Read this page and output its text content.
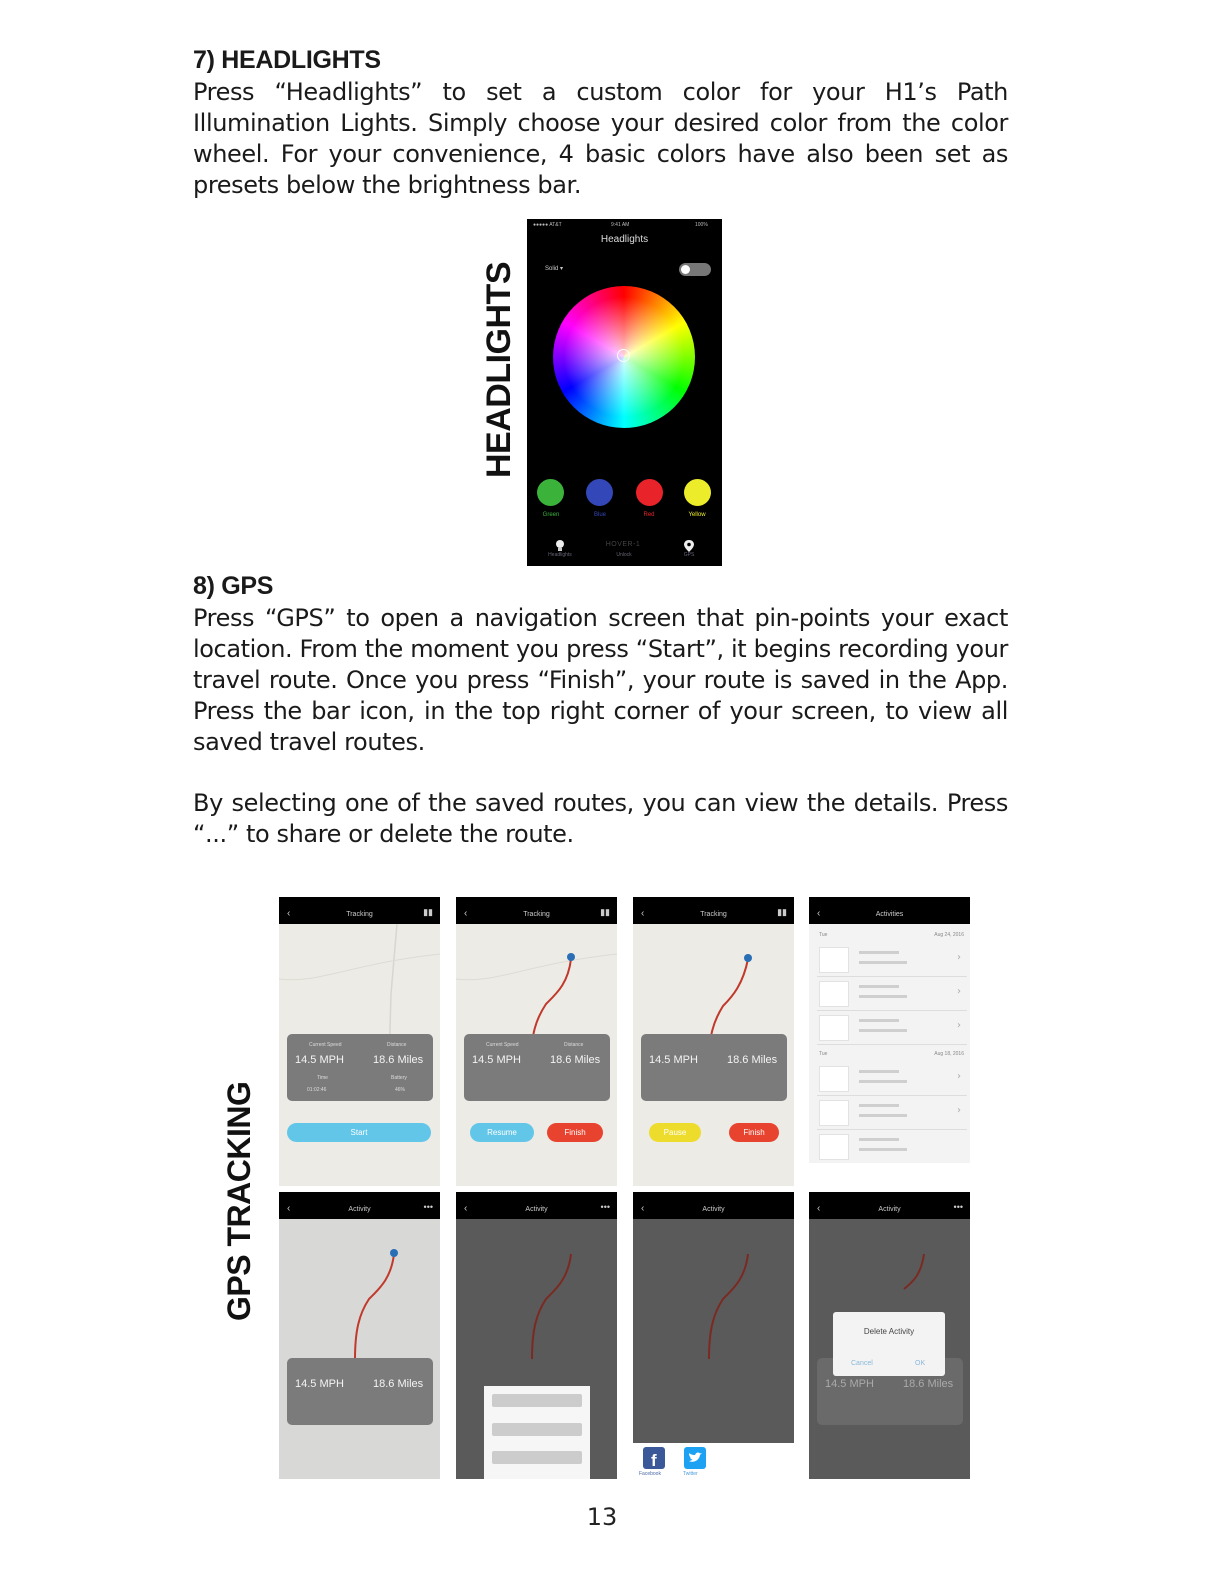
7) HEADLIGHTS

Press “Headlights” to set a custom color for your H1’s Path Illumination Lights. Simply choose your desired color from the color wheel. For your convenience, 4 basic colors have also been set as presets below the brightness bar.

HEADLIGHTS
●●●●● AT&T	9:41 AM	100%
Headlights
Solid ▾
Green	Blue	Red	Yellow
HOVER-1
Headlights	Unlock	GPS
8) GPS

Press “GPS” to open a navigation screen that pin-points your exact location. From the moment you press “Start”, it begins recording your travel route. Once you press “Finish”, your route is saved in the App. Press the bar icon, in the top right corner of your screen, to view all saved travel routes.

By selecting one of the saved routes, you can view the details. Press “...” to share or delete the route.

GPS TRACKING
‹	Tracking	▮▮
Current Speed	Distance
14.5 MPH	18.6 Miles
Time	Battery
01:02:46	46%
Start
‹	Tracking	▮▮
14.5 MPH	18.6 Miles
Current Speed	Distance
Resume	Finish
‹	Tracking	▮▮
14.5 MPH	18.6 Miles
Pause	Finish
‹	Activities
Tue	Aug 24, 2016
›
›
›
Tue	Aug 18, 2016
›
›
‹	Activity	•••
14.5 MPH	18.6 Miles
‹	Activity	•••	‹	Activity
f
Facebook	Twitter
‹	Activity	•••
14.5 MPH	18.6 Miles
Delete Activity
Cancel	OK
13
